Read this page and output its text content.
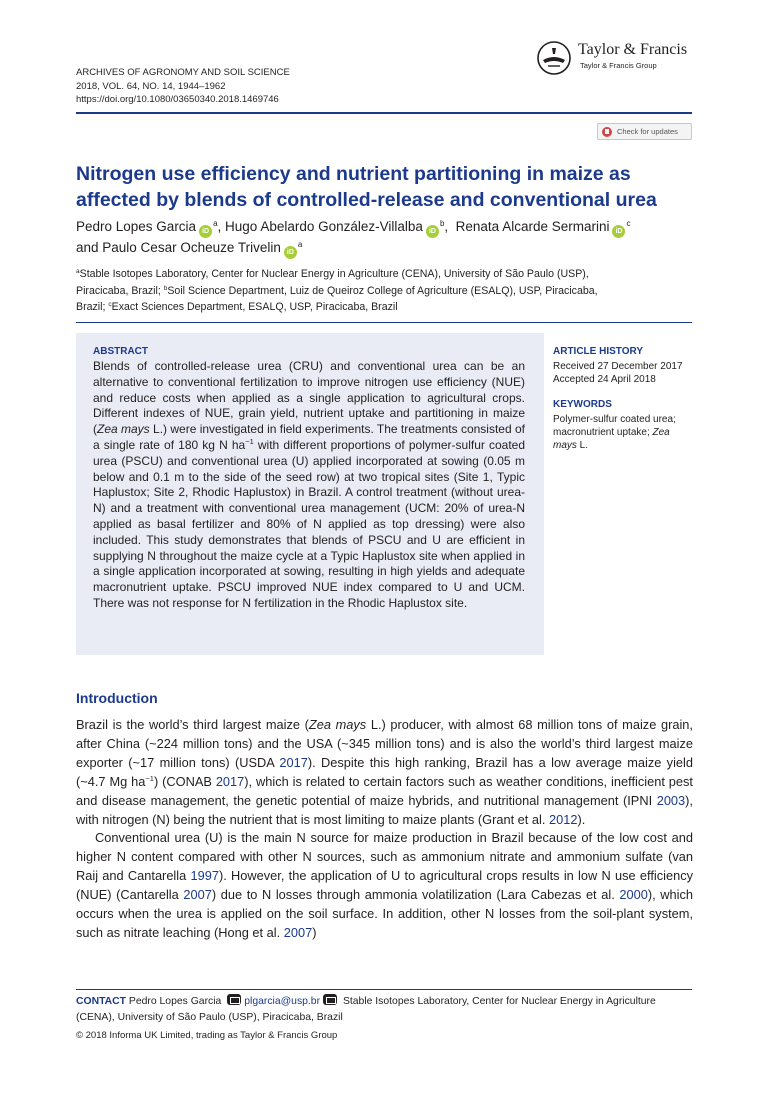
ARCHIVES OF AGRONOMY AND SOIL SCIENCE
2018, VOL. 64, NO. 14, 1944–1962
https://doi.org/10.1080/03650340.2018.1469746
Taylor & Francis
Taylor & Francis Group
Check for updates
Nitrogen use efficiency and nutrient partitioning in maize as
affected by blends of controlled-release and conventional urea
Pedro Lopes Garcia $iD^a$, Hugo Abelardo González-Villalba $iD^b$,  Renata Alcarde Sermarini $iD^c$
and Paulo Cesar Ocheuze Trivelin $iD^a$
$^a$Stable Isotopes Laboratory, Center for Nuclear Energy in Agriculture (CENA), University of São Paulo (USP),
Piracicaba, Brazil; $^b$Soil Science Department, Luiz de Queiroz College of Agriculture (ESALQ), USP, Piracicaba,
Brazil; $^c$Exact Sciences Department, ESALQ, USP, Piracicaba, Brazil
ABSTRACT
Blends of controlled-release urea (CRU) and conventional urea can be an alternative to conventional fertilization to improve nitrogen use efficiency (NUE) and reduce costs when applied as a single application to agricultural crops. Different indexes of NUE, grain yield, nutrient uptake and partitioning in maize (Zea mays L.) were investigated in field experiments. The treatments consisted of a single rate of 180 kg N $ha^{-1}$ with different proportions of polymer-sulfur coated urea (PSCU) and conventional urea (U) applied incorporated at sowing (0.05 m below and 0.1 m to the side of the seed row) at two tropical sites (Site 1, Typic Haplustox; Site 2, Rhodic Haplustox) in Brazil. A control treatment (without urea-N) and a treatment with conventional urea management (UCM: 20% of urea-N applied as basal fertilizer and 80% of N applied as top dressing) were also included. This study demonstrates that blends of PSCU and U are efficient in supplying N throughout the maize cycle at a Typic Haplustox site when applied in a single application incorporated at sowing, resulting in high yields and adequate macronutrient uptake. PSCU improved NUE index compared to U and UCM. There was not response for N fertilization in the Rhodic Haplustox site.
ARTICLE HISTORY
Received 27 December 2017
Accepted 24 April 2018
KEYWORDS
Polymer-sulfur coated urea; macronutrient uptake; Zea mays L.
Introduction

Brazil is the world’s third largest maize (Zea mays L.) producer, with almost 68 million tons of maize grain, after China (~224 million tons) and the USA (~345 million tons) and is also the world’s third largest maize exporter (~17 million tons) (USDA 2017). Despite this high ranking, Brazil has a low average maize yield (~4.7 Mg $ha^{-1}$) (CONAB 2017), which is related to certain factors such as weather conditions, inefficient pest and disease management, the genetic potential of maize hybrids, and nutritional management (IPNI 2003), with nitrogen (N) being the nutrient that is most limiting to maize plants (Grant et al. 2012).

Conventional urea (U) is the main N source for maize production in Brazil because of the low cost and higher N content compared with other N sources, such as ammonium nitrate and ammonium sulfate (van Raij and Cantarella 1997). However, the application of U to agricultural crops results in low N use efficiency (NUE) (Cantarella 2007) due to N losses through ammonia volatilization (Lara Cabezas et al. 2000), which occurs when the urea is applied on the soil surface. In addition, other N losses from the soil-plant system, such as nitrate leaching (Hong et al. 2007)

CONTACT Pedro Lopes Garcia plgarcia@usp.br Stable Isotopes Laboratory, Center for Nuclear Energy in Agriculture (CENA), University of São Paulo (USP), Piracicaba, Brazil
© 2018 Informa UK Limited, trading as Taylor & Francis Group
